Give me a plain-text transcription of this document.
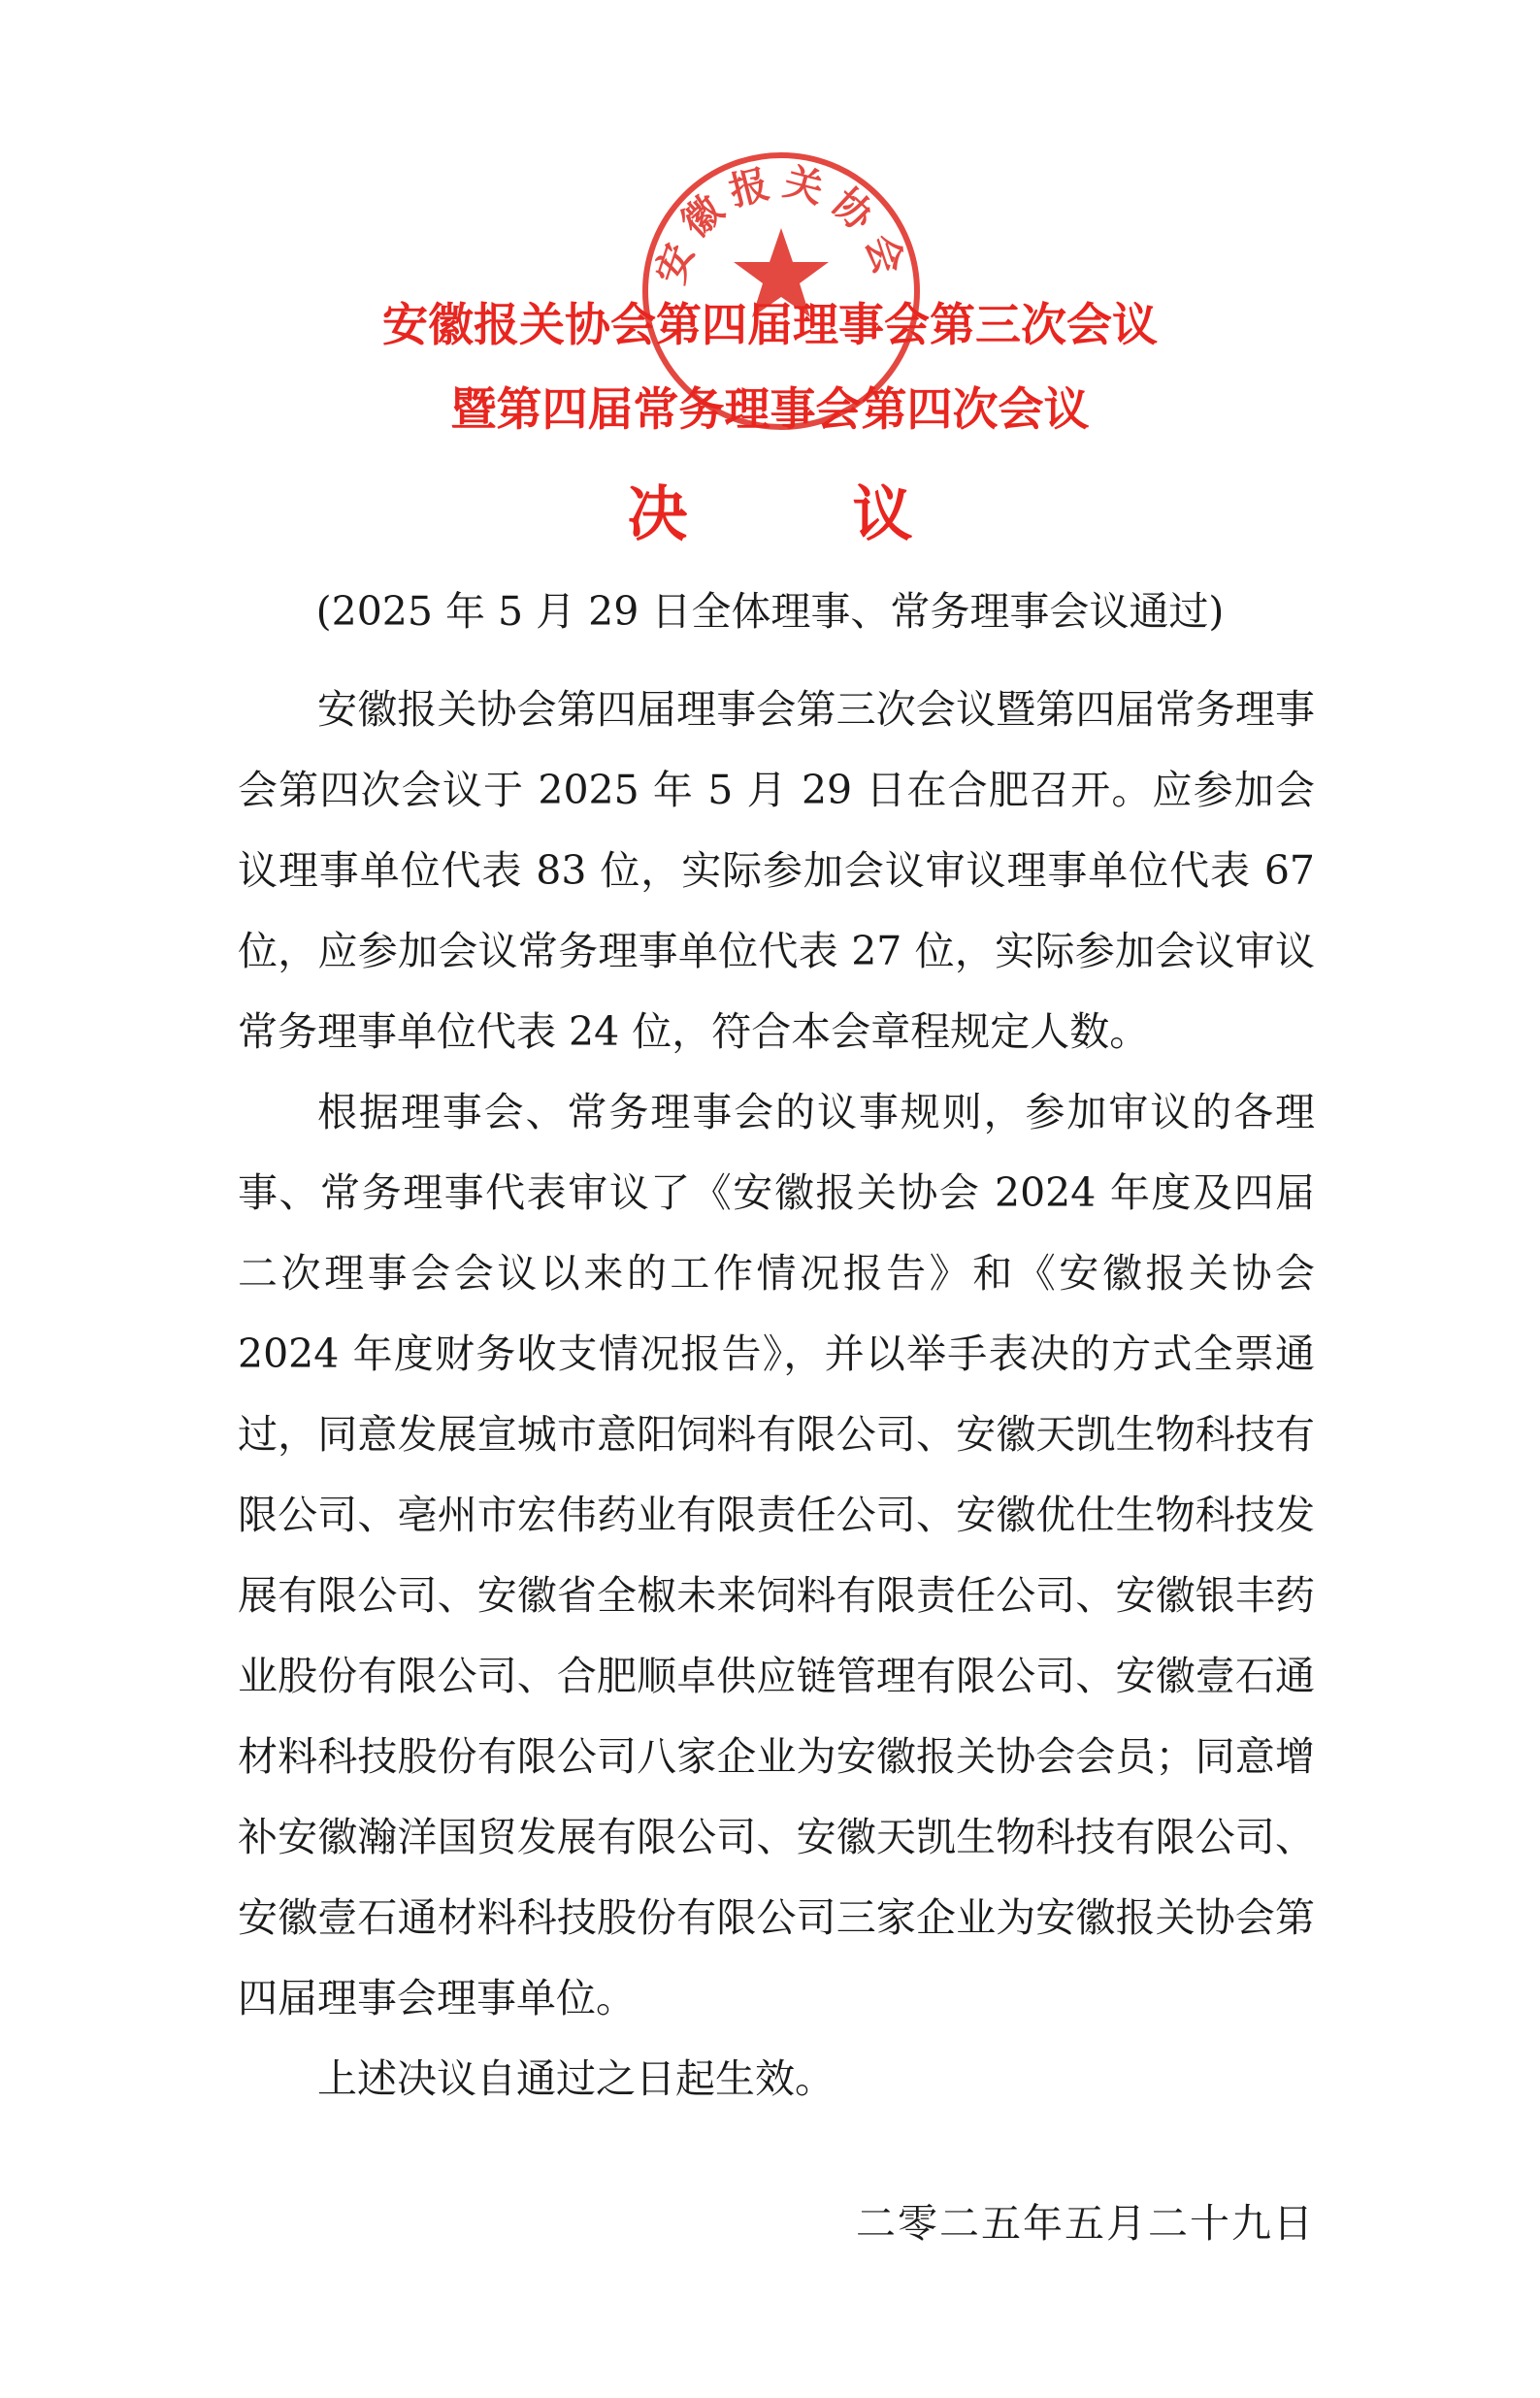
安徽报关协会
安徽报关协会第四届理事会第三次会议
暨第四届常务理事会第四次会议
决	议

(2025 年 5 月 29 日全体理事、常务理事会议通过)

安徽报关协会第四届理事会第三次会议暨第四届常务理事会第四次会议于 2025 年 5 月 29 日在合肥召开。应参加会议理事单位代表 83 位，实际参加会议审议理事单位代表 67 位，应参加会议常务理事单位代表 27 位，实际参加会议审议常务理事单位代表 24 位，符合本会章程规定人数。

根据理事会、常务理事会的议事规则，参加审议的各理事、常务理事代表审议了《安徽报关协会 2024 年度及四届二次理事会会议以来的工作情况报告》和《安徽报关协会 2024 年度财务收支情况报告》，并以举手表决的方式全票通过，同意发展宣城市意阳饲料有限公司、安徽天凯生物科技有限公司、亳州市宏伟药业有限责任公司、安徽优仕生物科技发展有限公司、安徽省全椒未来饲料有限责任公司、安徽银丰药业股份有限公司、合肥顺卓供应链管理有限公司、安徽壹石通材料科技股份有限公司八家企业为安徽报关协会会员；同意增补安徽瀚洋国贸发展有限公司、安徽天凯生物科技有限公司、安徽壹石通材料科技股份有限公司三家企业为安徽报关协会第四届理事会理事单位。

上述决议自通过之日起生效。

二零二五年五月二十九日
